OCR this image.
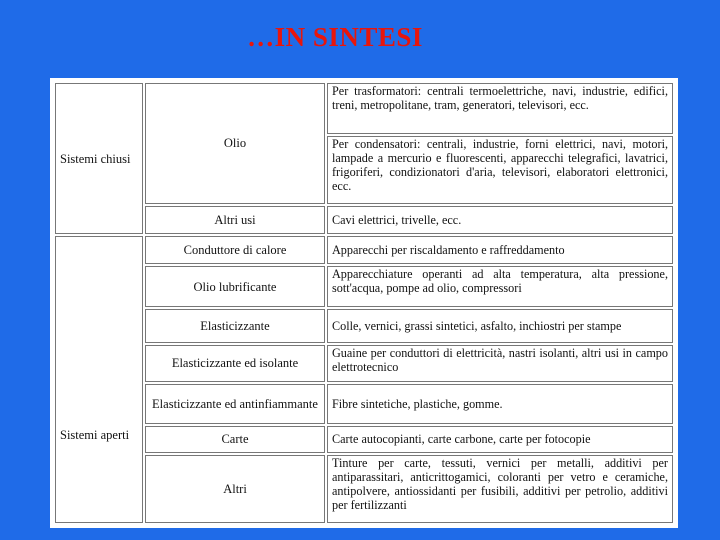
…IN SINTESI
Sistemi chiusi	Olio	Per trasformatori: centrali termoelettriche, navi, industrie, edifici, treni, metropolitane, tram, generatori, televisori, ecc.
		Per condensatori: centrali, industrie, forni elettrici, navi, motori, lampade a mercurio e fluorescenti, apparecchi telegrafici, lavatrici, frigoriferi, condizionatori d'aria, televisori, elaboratori elettronici, ecc.
	Altri usi	Cavi elettrici, trivelle, ecc.
Sistemi aperti	Conduttore di calore	Apparecchi per riscaldamento e raffreddamento
	Olio lubrificante	Apparecchiature operanti ad alta temperatura, alta pressione, sott'acqua, pompe ad olio, compressori
	Elasticizzante	Colle, vernici, grassi sintetici, asfalto, inchiostri per stampe
	Elasticizzante ed isolante	Guaine per conduttori di elettricità, nastri isolanti, altri usi in campo elettrotecnico
	Elasticizzante ed antinfiammante	Fibre sintetiche, plastiche, gomme.
	Carte	Carte autocopianti, carte carbone, carte per fotocopie
	Altri	Tinture per carte, tessuti, vernici per metalli, additivi per antiparassitari, anticrittogamici, coloranti per vetro e ceramiche, antipolvere, antiossidanti per fusibili, additivi per petrolio, additivi per fertilizzanti
